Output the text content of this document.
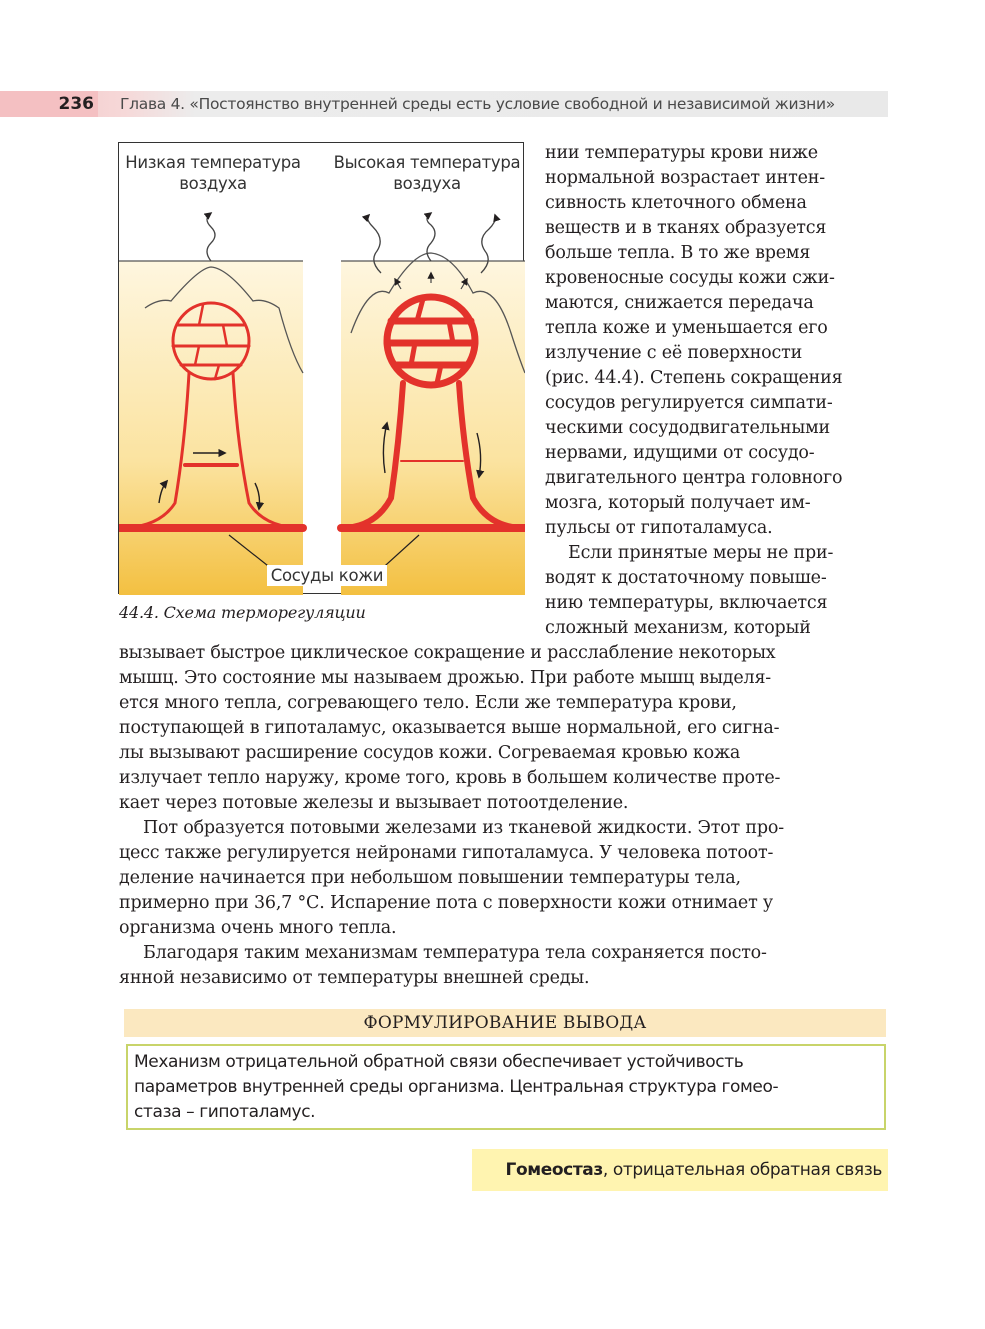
236 Глава 4. «Постоянство внутренней среды есть условие свободной и независимой жизни»
Низкая температура
воздуха
Высокая температура
воздуха
Сосуды кожи
44.4. Схема терморегуляции
нии температуры крови ниже
нормальной возрастает интен-
сивность клеточного обмена
веществ и в тканях образуется
больше тепла. В то же время
кровеносные сосуды кожи сжи-
маются, снижается передача
тепла коже и уменьшается его
излучение с её поверхности
(рис. 44.4). Степень сокращения
сосудов регулируется симпати-
ческими сосудодвигательными
нервами, идущими от сосудо-
двигательного центра головного
мозга, который получает им-
пульсы от гипоталамуса.
Если принятые меры не при-
водят к достаточному повыше-
нию температуры, включается
сложный механизм, который
вызывает быстрое циклическое сокращение и расслабление некоторых
мышц. Это состояние мы называем дрожью. При работе мышц выделя-
ется много тепла, согревающего тело. Если же температура крови,
поступающей в гипоталамус, оказывается выше нормальной, его сигна-
лы вызывают расширение сосудов кожи. Согреваемая кровью кожа
излучает тепло наружу, кроме того, кровь в большем количестве проте-
кает через потовые железы и вызывает потоотделение.
Пот образуется потовыми железами из тканевой жидкости. Этот про-
цесс также регулируется нейронами гипоталамуса. У человека потоот-
деление начинается при небольшом повышении температуры тела,
примерно при 36,7 °С. Испарение пота с поверхности кожи отнимает у
организма очень много тепла.
Благодаря таким механизмам температура тела сохраняется посто-
янной независимо от температуры внешней среды.
ФОРМУЛИРОВАНИЕ ВЫВОДА
Механизм отрицательной обратной связи обеспечивает устойчивость
параметров внутренней среды организма. Центральная структура гомео-
стаза – гипоталамус.
Гомеостаз, отрицательная обратная связь
